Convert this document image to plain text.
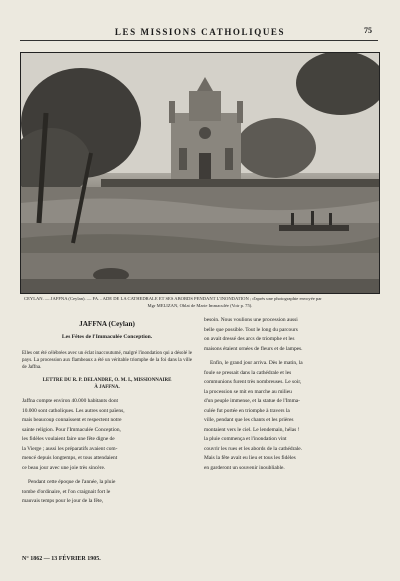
LES MISSIONS CATHOLIQUES	75
CEYLAN. — JAFFNA (Ceylan). — FA…ADE DE LA CATHEDRALE ET SES ABORDS PENDANT L'INONDATION ; d'après une photographie envoyée par
Mgr MELIZAN, Oblat de Marie Immaculée (Voir p. 75).
JAFFNA (Ceylan)
Les Fêtes de l'Immaculée Conception.
Elles ont été célébrées avec un éclat inaccoutumé, malgré l'inondation qui a désolé le pays. La procession aux flambeaux a été un véritable triomphe de la foi dans la ville de Jaffna.
LETTRE DU R. P. DELANDRE, O. M. I., MISSIONNAIRE
À JAFFNA.
Jaffna compte environ 40.000 habitants dont
10.000 sont catholiques. Les autres sont païens,
mais beaucoup connaissent et respectent notre
sainte religion. Pour l'Immaculée Conception,
les fidèles voulaient faire une fête digne de
la Vierge ; aussi les préparatifs avaient com-
mencé depuis longtemps, et tous attendaient
ce beau jour avec une joie très sincère.
Pendant cette époque de l'année, la pluie
tombe d'ordinaire, et l'on craignait fort le
mauvais temps pour le jour de la fête,
besoin. Nous voulions une procession aussi
belle que possible. Tout le long du parcours
on avait dressé des arcs de triomphe et les
maisons étaient ornées de fleurs et de lampes.
Enfin, le grand jour arriva. Dès le matin, la
foule se pressait dans la cathédrale et les
communions furent très nombreuses. Le soir,
la procession se mit en marche au milieu
d'un peuple immense, et la statue de l'Imma-
culée fut portée en triomphe à travers la
ville, pendant que les chants et les prières
montaient vers le ciel. Le lendemain, hélas !
la pluie commença et l'inondation vint
couvrir les rues et les abords de la cathédrale.
Mais la fête avait eu lieu et tous les fidèles
en garderont un souvenir inoubliable.
N° 1862 — 13 FÉVRIER 1905.
